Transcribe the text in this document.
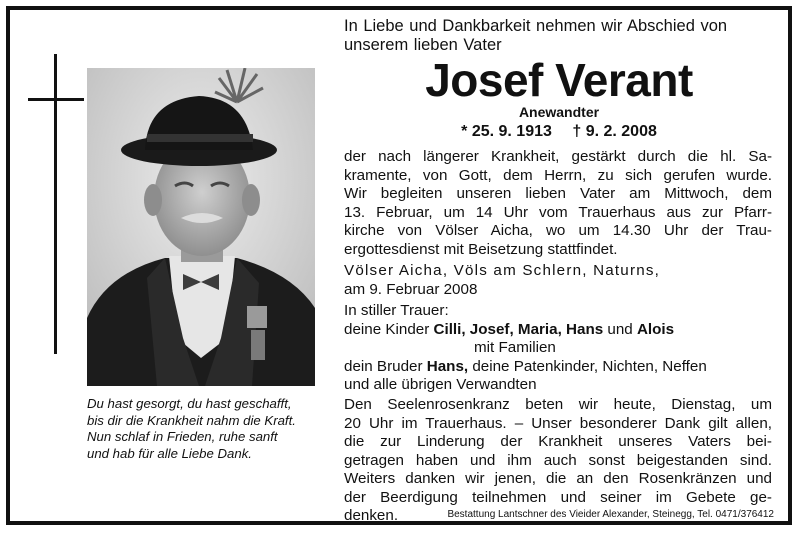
Du hast gesorgt, du hast geschafft,
bis dir die Krankheit nahm die Kraft.
Nun schlaf in Frieden, ruhe sanft
und hab für alle Liebe Dank.
In Liebe und Dankbarkeit nehmen wir Abschied von
unserem lieben Vater
Josef Verant
Anewandter
* 25. 9. 1913 † 9. 2. 2008
der nach längerer Krankheit, gestärkt durch die hl. Sa-
kramente, von Gott, dem Herrn, zu sich gerufen wurde.
Wir begleiten unseren lieben Vater am Mittwoch, dem
13. Februar, um 14 Uhr vom Trauerhaus aus zur Pfarr-
kirche von Völser Aicha, wo um 14.30 Uhr der Trau-
ergottesdienst mit Beisetzung stattfindet.
Völser Aicha, Völs am Schlern, Naturns,
am 9. Februar 2008
In stiller Trauer:
deine Kinder Cilli, Josef, Maria, Hans und Alois
mit Familien
dein Bruder Hans, deine Patenkinder, Nichten, Neffen
und alle übrigen Verwandten
Den Seelenrosenkranz beten wir heute, Dienstag, um
20 Uhr im Trauerhaus. – Unser besonderer Dank gilt allen,
die zur Linderung der Krankheit unseres Vaters bei-
getragen haben und ihm auch sonst beigestanden sind.
Weiters danken wir jenen, die an den Rosenkränzen und
der Beerdigung teilnehmen und seiner im Gebete ge-
denken.	Bestattung Lantschner des Vieider Alexander, Steinegg, Tel. 0471/376412
